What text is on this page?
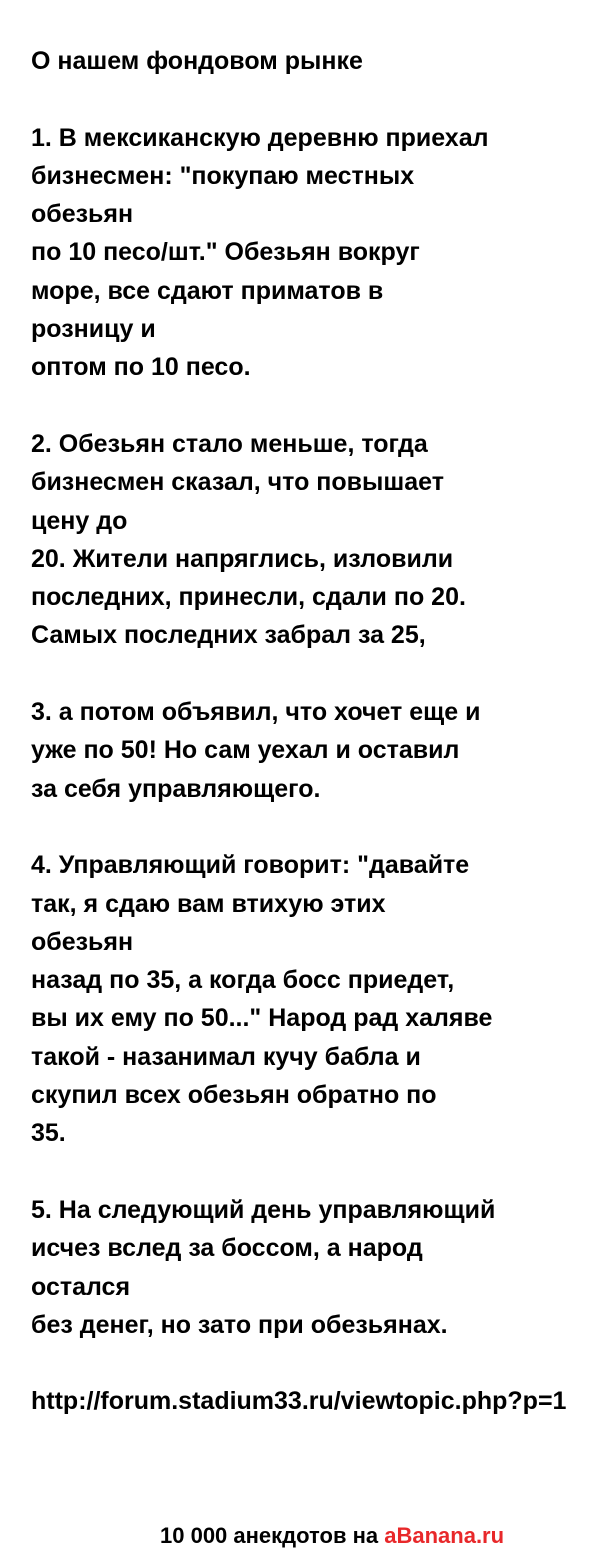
О нашем фондовом рынке
1. В мексиканскую деревню приехал
бизнесмен: "покупаю местных
обезьян
по 10 песо/шт." Обезьян вокруг
море, все сдают приматов в
розницу и
оптом по 10 песо.
2. Обезьян стало меньше, тогда
бизнесмен сказал, что повышает
цену до
20. Жители напряглись, изловили
последних, принесли, сдали по 20.
Самых последних забрал за 25,
3. а потом объявил, что хочет еще и
уже по 50! Но сам уехал и оставил
за себя управляющего.
4. Управляющий говорит: "давайте
так, я сдаю вам втихую этих
обезьян
назад по 35, а когда босс приедет,
вы их ему по 50..." Народ рад халяве
такой - назанимал кучу бабла и
скупил всех обезьян обратно по
35.
5. На следующий день управляющий
исчез вслед за боссом, а народ
остался
без денег, но зато при обезьянах.
http://forum.stadium33.ru/viewtopic.php?p=1
10 000 анекдотов на aBanana.ru
